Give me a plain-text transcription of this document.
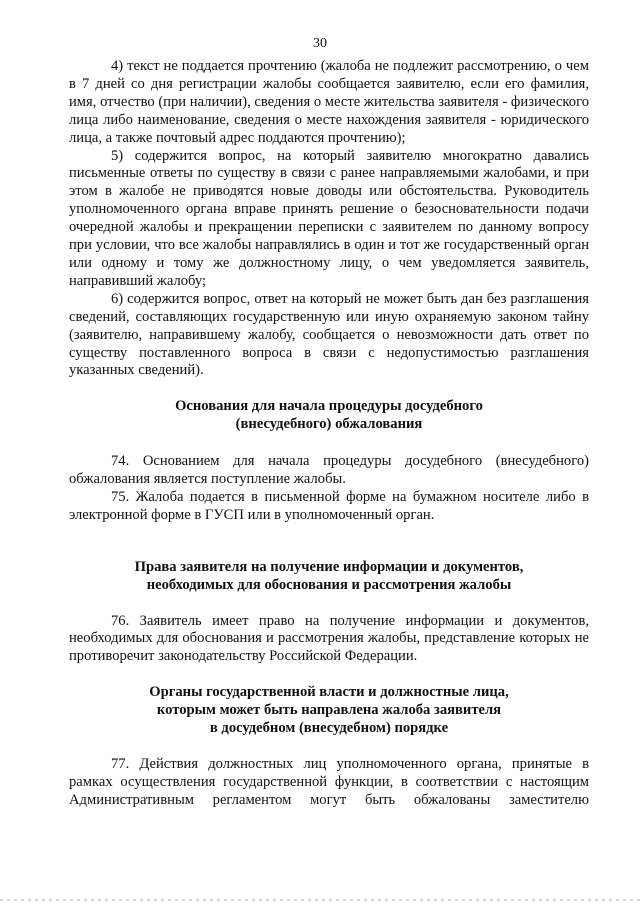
30

4) текст не поддается прочтению (жалоба не подлежит рассмотрению, о чем в 7 дней со дня регистрации жалобы сообщается заявителю, если его фамилия, имя, отчество (при наличии), сведения о месте жительства заявителя - физического лица либо наименование, сведения о месте нахождения заявителя - юридического лица, а также почтовый адрес поддаются прочтению);

5) содержится вопрос, на который заявителю многократно давались письменные ответы по существу в связи с ранее направляемыми жалобами, и при этом в жалобе не приводятся новые доводы или обстоятельства. Руководитель уполномоченного органа вправе принять решение о безосновательности подачи очередной жалобы и прекращении переписки с заявителем по данному вопросу при условии, что все жалобы направлялись в один и тот же государственный орган или одному и тому же должностному лицу, о чем уведомляется заявитель, направивший жалобу;

6) содержится вопрос, ответ на который не может быть дан без разглашения сведений, составляющих государственную или иную охраняемую законом тайну (заявителю, направившему жалобу, сообщается о невозможности дать ответ по существу поставленного вопроса в связи с недопустимостью разглашения указанных сведений).

Основания для начала процедуры досудебного
(внесудебного) обжалования

74. Основанием для начала процедуры досудебного (внесудебного) обжалования является поступление жалобы.

75. Жалоба подается в письменной форме на бумажном носителе либо в электронной форме в ГУСП или в уполномоченный орган.

Права заявителя на получение информации и документов,
необходимых для обоснования и рассмотрения жалобы

76. Заявитель имеет право на получение информации и документов, необходимых для обоснования и рассмотрения жалобы, представление которых не противоречит законодательству Российской Федерации.

Органы государственной власти и должностные лица,
которым может быть направлена жалоба заявителя
в досудебном (внесудебном) порядке

77. Действия должностных лиц уполномоченного органа, принятые в рамках осуществления государственной функции, в соответствии с настоящим Административным регламентом могут быть обжалованы заместителю
